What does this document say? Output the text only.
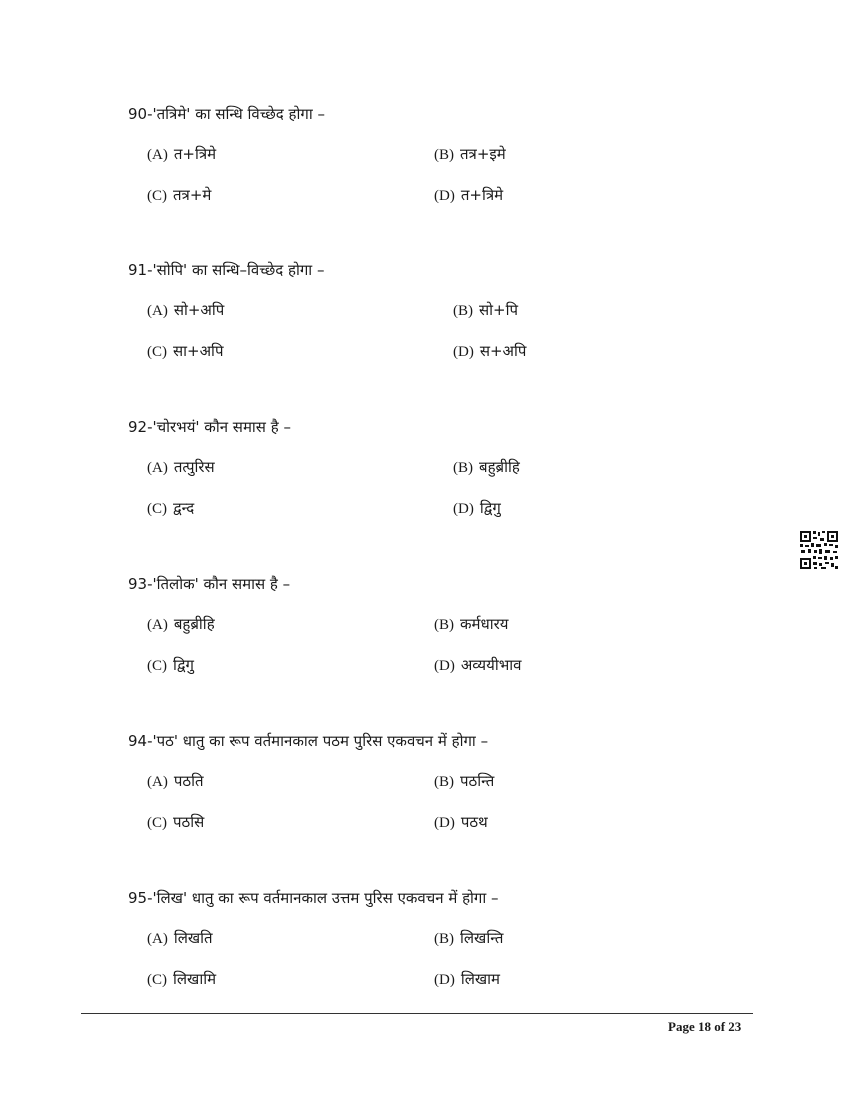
90-'तत्रिमे' का सन्धि विच्छेद होगा –
(A) त+त्रिमे	(B) तत्र+इमे
(C) तत्र+मे	(D) त+त्रिमे
91-'सोपि' का सन्धि–विच्छेद होगा –
(A) सो+अपि	(B) सो+पि
(C) सा+अपि	(D) स+अपि
92-'चोरभयं' कौन समास है –
(A) तत्पुरिस	(B) बहुब्रीहि
(C) द्वन्द	(D) द्विगु
93-'तिलोक' कौन समास है –
(A) बहुब्रीहि	(B) कर्मधारय
(C) द्विगु	(D) अव्ययीभाव
94-'पठ' धातु का रूप वर्तमानकाल पठम पुरिस एकवचन में होगा –
(A) पठति	(B) पठन्ति
(C) पठसि	(D) पठथ
95-'लिख' धातु का रूप वर्तमानकाल उत्तम पुरिस एकवचन में होगा –
(A) लिखति	(B) लिखन्ति
(C) लिखामि	(D) लिखाम
Page 18 of 23
